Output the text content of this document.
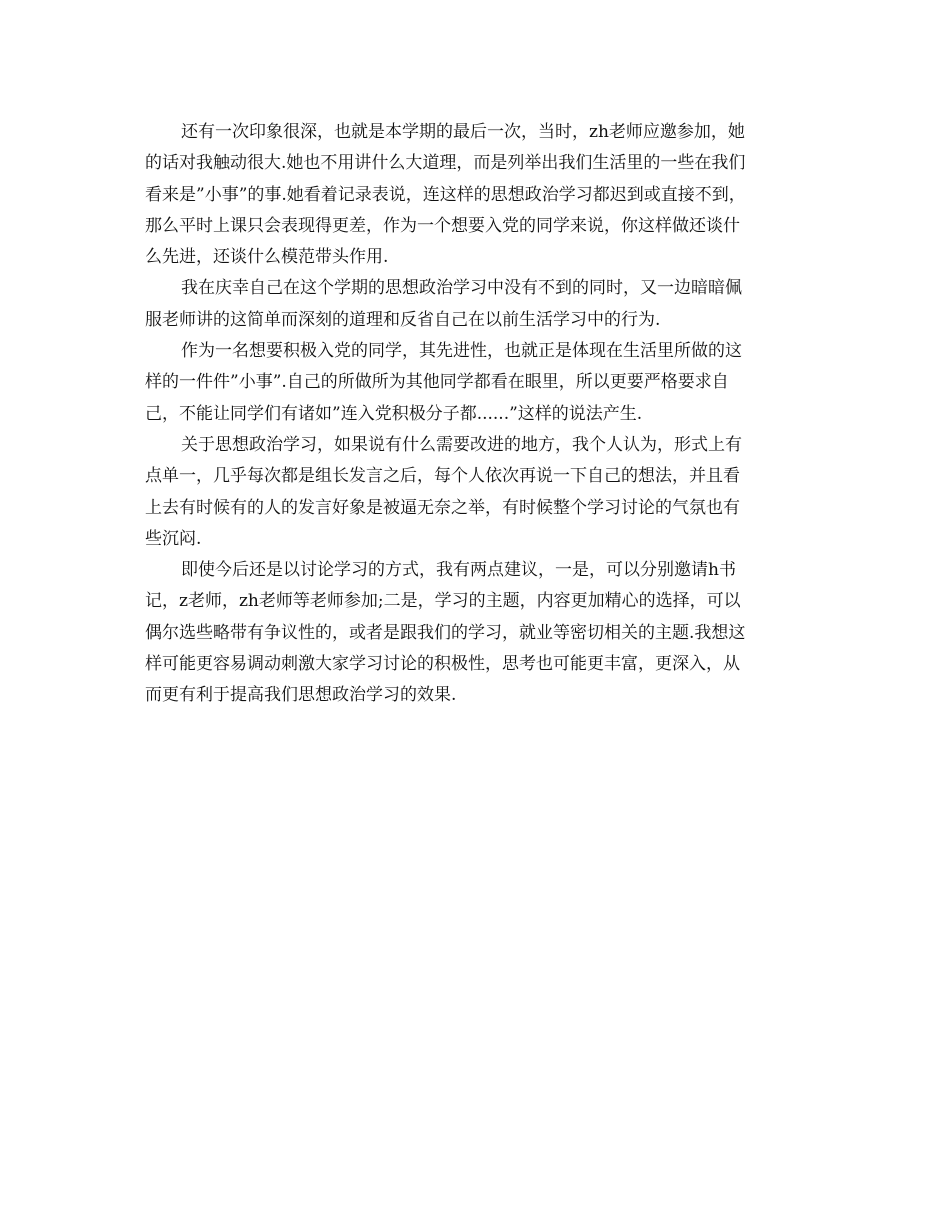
还有一次印象很深，也就是本学期的最后一次，当时，zh老师应邀参加，她
的话对我触动很大.她也不用讲什么大道理，而是列举出我们生活里的一些在我们
看来是”小事”的事.她看着记录表说，连这样的思想政治学习都迟到或直接不到，
那么平时上课只会表现得更差，作为一个想要入党的同学来说，你这样做还谈什
么先进，还谈什么模范带头作用.
我在庆幸自己在这个学期的思想政治学习中没有不到的同时，又一边暗暗佩
服老师讲的这简单而深刻的道理和反省自己在以前生活学习中的行为.
作为一名想要积极入党的同学，其先进性，也就正是体现在生活里所做的这
样的一件件”小事”.自己的所做所为其他同学都看在眼里，所以更要严格要求自
己，不能让同学们有诸如”连入党积极分子都......”这样的说法产生.
关于思想政治学习，如果说有什么需要改进的地方，我个人认为，形式上有
点单一，几乎每次都是组长发言之后，每个人依次再说一下自己的想法，并且看
上去有时候有的人的发言好象是被逼无奈之举，有时候整个学习讨论的气氛也有
些沉闷.
即使今后还是以讨论学习的方式，我有两点建议，一是，可以分别邀请h书
记，z老师，zh老师等老师参加;二是，学习的主题，内容更加精心的选择，可以
偶尔选些略带有争议性的，或者是跟我们的学习，就业等密切相关的主题.我想这
样可能更容易调动刺激大家学习讨论的积极性，思考也可能更丰富，更深入，从
而更有利于提高我们思想政治学习的效果.
